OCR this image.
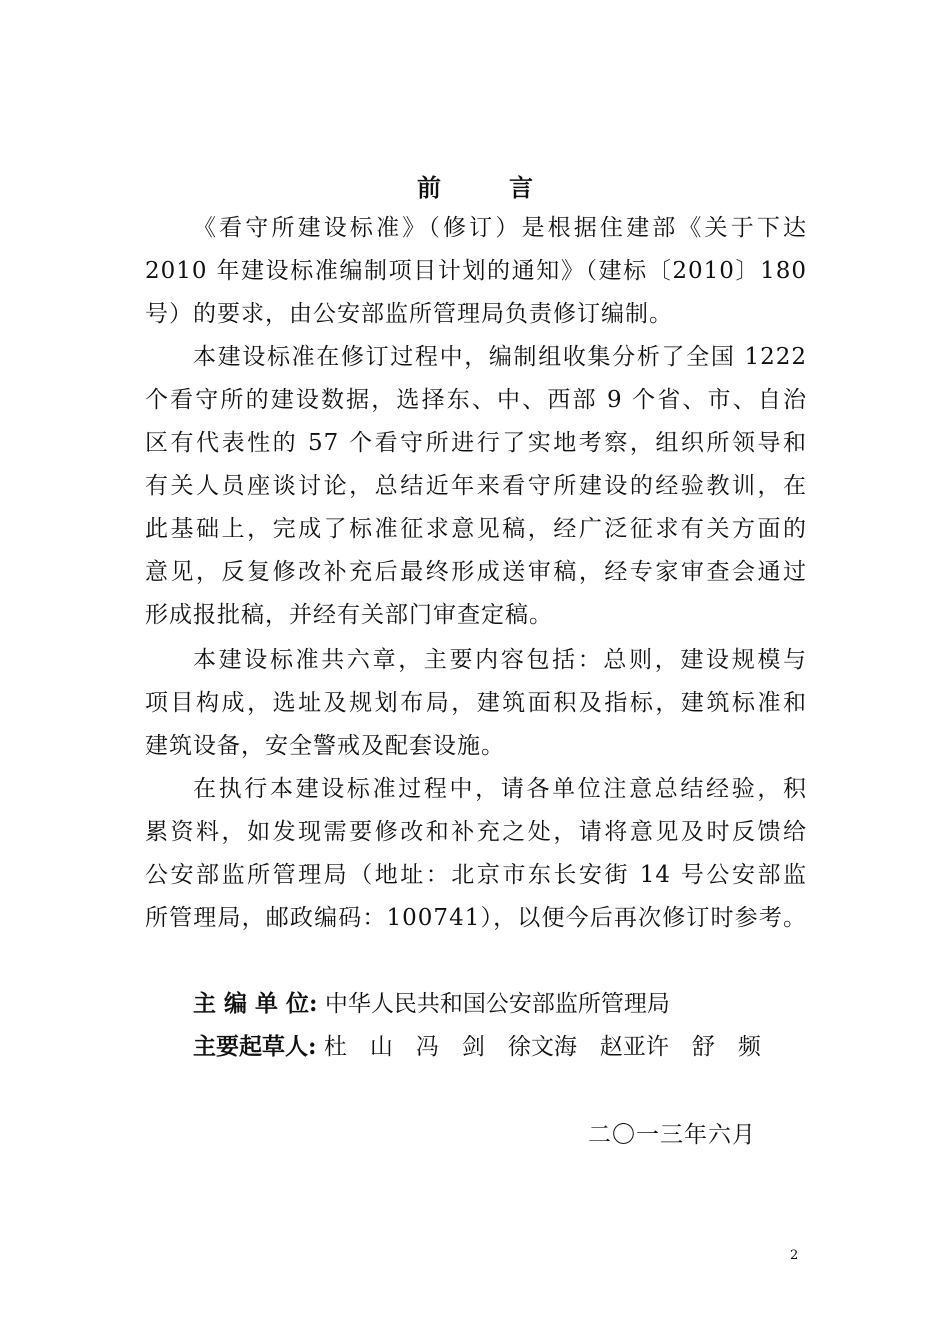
前　言
《看守所建设标准》（修订）是根据住建部《关于下达
2010 年建设标准编制项目计划的通知》（建标〔2010〕180
号）的要求，由公安部监所管理局负责修订编制。
本建设标准在修订过程中，编制组收集分析了全国 1222
个看守所的建设数据，选择东、中、西部 9 个省、市、自治
区有代表性的 57 个看守所进行了实地考察，组织所领导和
有关人员座谈讨论，总结近年来看守所建设的经验教训，在
此基础上，完成了标准征求意见稿，经广泛征求有关方面的
意见，反复修改补充后最终形成送审稿，经专家审查会通过
形成报批稿，并经有关部门审查定稿。
本建设标准共六章，主要内容包括：总则，建设规模与
项目构成，选址及规划布局，建筑面积及指标，建筑标准和
建筑设备，安全警戒及配套设施。
在执行本建设标准过程中，请各单位注意总结经验，积
累资料，如发现需要修改和补充之处，请将意见及时反馈给
公安部监所管理局（地址：北京市东长安街 14 号公安部监
所管理局，邮政编码：100741），以便今后再次修订时参考。
主 编 单 位: 中华人民共和国公安部监所管理局
主要起草人: 杜　山　冯　剑　徐文海　赵亚许　舒　频
二〇一三年六月
2
